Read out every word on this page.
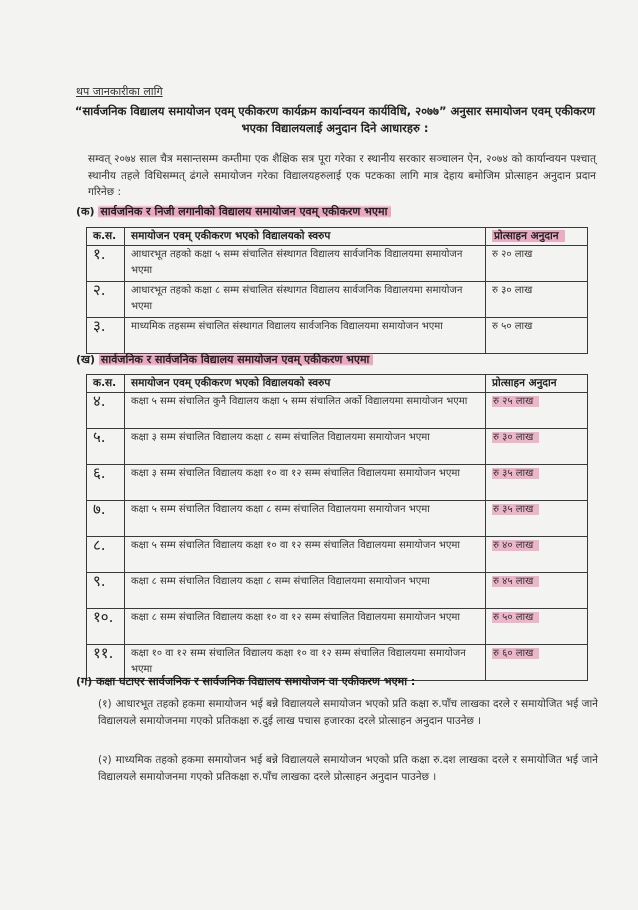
थप जानकारीका लागि
“सार्वजनिक विद्यालय समायोजन एवम् एकीकरण कार्यक्रम कार्यान्वयन कार्यविधि, २०७७” अनुसार समायोजन एवम् एकीकरण भएका विद्यालयलाई अनुदान दिने आधारहरु :
सम्वत् २०७४ साल चैत्र मसान्तसम्म कम्तीमा एक शैक्षिक सत्र पूरा गरेका र स्थानीय सरकार सञ्चालन ऐन, २०७४ को कार्यान्वयन पश्चात् स्थानीय तहले विधिसम्मत् ढंगले समायोजन गरेका विद्यालयहरुलाई एक पटकका लागि मात्र देहाय बमोजिम प्रोत्साहन अनुदान प्रदान गरिनेछ :
(क) सार्वजनिक र निजी लगानीको विद्यालय समायोजन एवम् एकीकरण भएमा
क.स.	समायोजन एवम् एकीकरण भएको विद्यालयको स्वरुप	प्रोत्साहन अनुदान
१.	आधारभूत तहको कक्षा ५ सम्म संचालित संस्थागत विद्यालय सार्वजनिक विद्यालयमा समायोजन भएमा	रु २० लाख
२.	आधारभूत तहको कक्षा ८ सम्म संचालित संस्थागत विद्यालय सार्वजनिक विद्यालयमा समायोजन भएमा	रु ३० लाख
३.	माध्यमिक तहसम्म संचालित संस्थागत विद्यालय सार्वजनिक विद्यालयमा समायोजन भएमा	रु ५० लाख
(ख) सार्वजनिक र सार्वजनिक विद्यालय समायोजन एवम् एकीकरण भएमा
क.स.	समायोजन एवम् एकीकरण भएको विद्यालयको स्वरुप	प्रोत्साहन अनुदान
४.	कक्षा ५ सम्म संचालित कुनै विद्यालय कक्षा ५ सम्म संचालित अर्को विद्यालयमा समायोजन भएमा	रु २५ लाख
५.	कक्षा ३ सम्म संचालित विद्यालय कक्षा ८ सम्म संचालित विद्यालयमा समायोजन भएमा	रु ३० लाख
६.	कक्षा ३ सम्म संचालित विद्यालय कक्षा १० वा १२ सम्म संचालित विद्यालयमा समायोजन भएमा	रु ३५ लाख
७.	कक्षा ५ सम्म संचालित विद्यालय कक्षा ८ सम्म संचालित विद्यालयमा समायोजन भएमा	रु ३५ लाख
८.	कक्षा ५ सम्म संचालित विद्यालय कक्षा १० वा १२ सम्म संचालित विद्यालयमा समायोजन भएमा	रु ४० लाख
९.	कक्षा ८ सम्म संचालित विद्यालय कक्षा ८ सम्म संचालित विद्यालयमा समायोजन भएमा	रु ४५ लाख
१०.	कक्षा ८ सम्म संचालित विद्यालय कक्षा १० वा १२ सम्म संचालित विद्यालयमा समायोजन भएमा	रु ५० लाख
११.	कक्षा १० वा १२ सम्म संचालित विद्यालय कक्षा १० वा १२ सम्म संचालित विद्यालयमा समायोजन भएमा	रु ६० लाख
(ग) कक्षा घटाएर सार्वजनिक र सार्वजनिक विद्यालय समायोजन वा एकीकरण भएमा :
(१) आधारभूत तहको हकमा समायोजन भई बन्ने विद्यालयले समायोजन भएको प्रति कक्षा रु.पाँच लाखका दरले र समायोजित भई जाने विद्यालयले समायोजनमा गएको प्रतिकक्षा रु.दुई लाख पचास हजारका दरले प्रोत्साहन अनुदान पाउनेछ ।
(२) माध्यमिक तहको हकमा समायोजन भई बन्ने विद्यालयले समायोजन भएको प्रति कक्षा रु.दश लाखका दरले र समायोजित भई जाने विद्यालयले समायोजनमा गएको प्रतिकक्षा रु.पाँच लाखका दरले प्रोत्साहन अनुदान पाउनेछ ।
